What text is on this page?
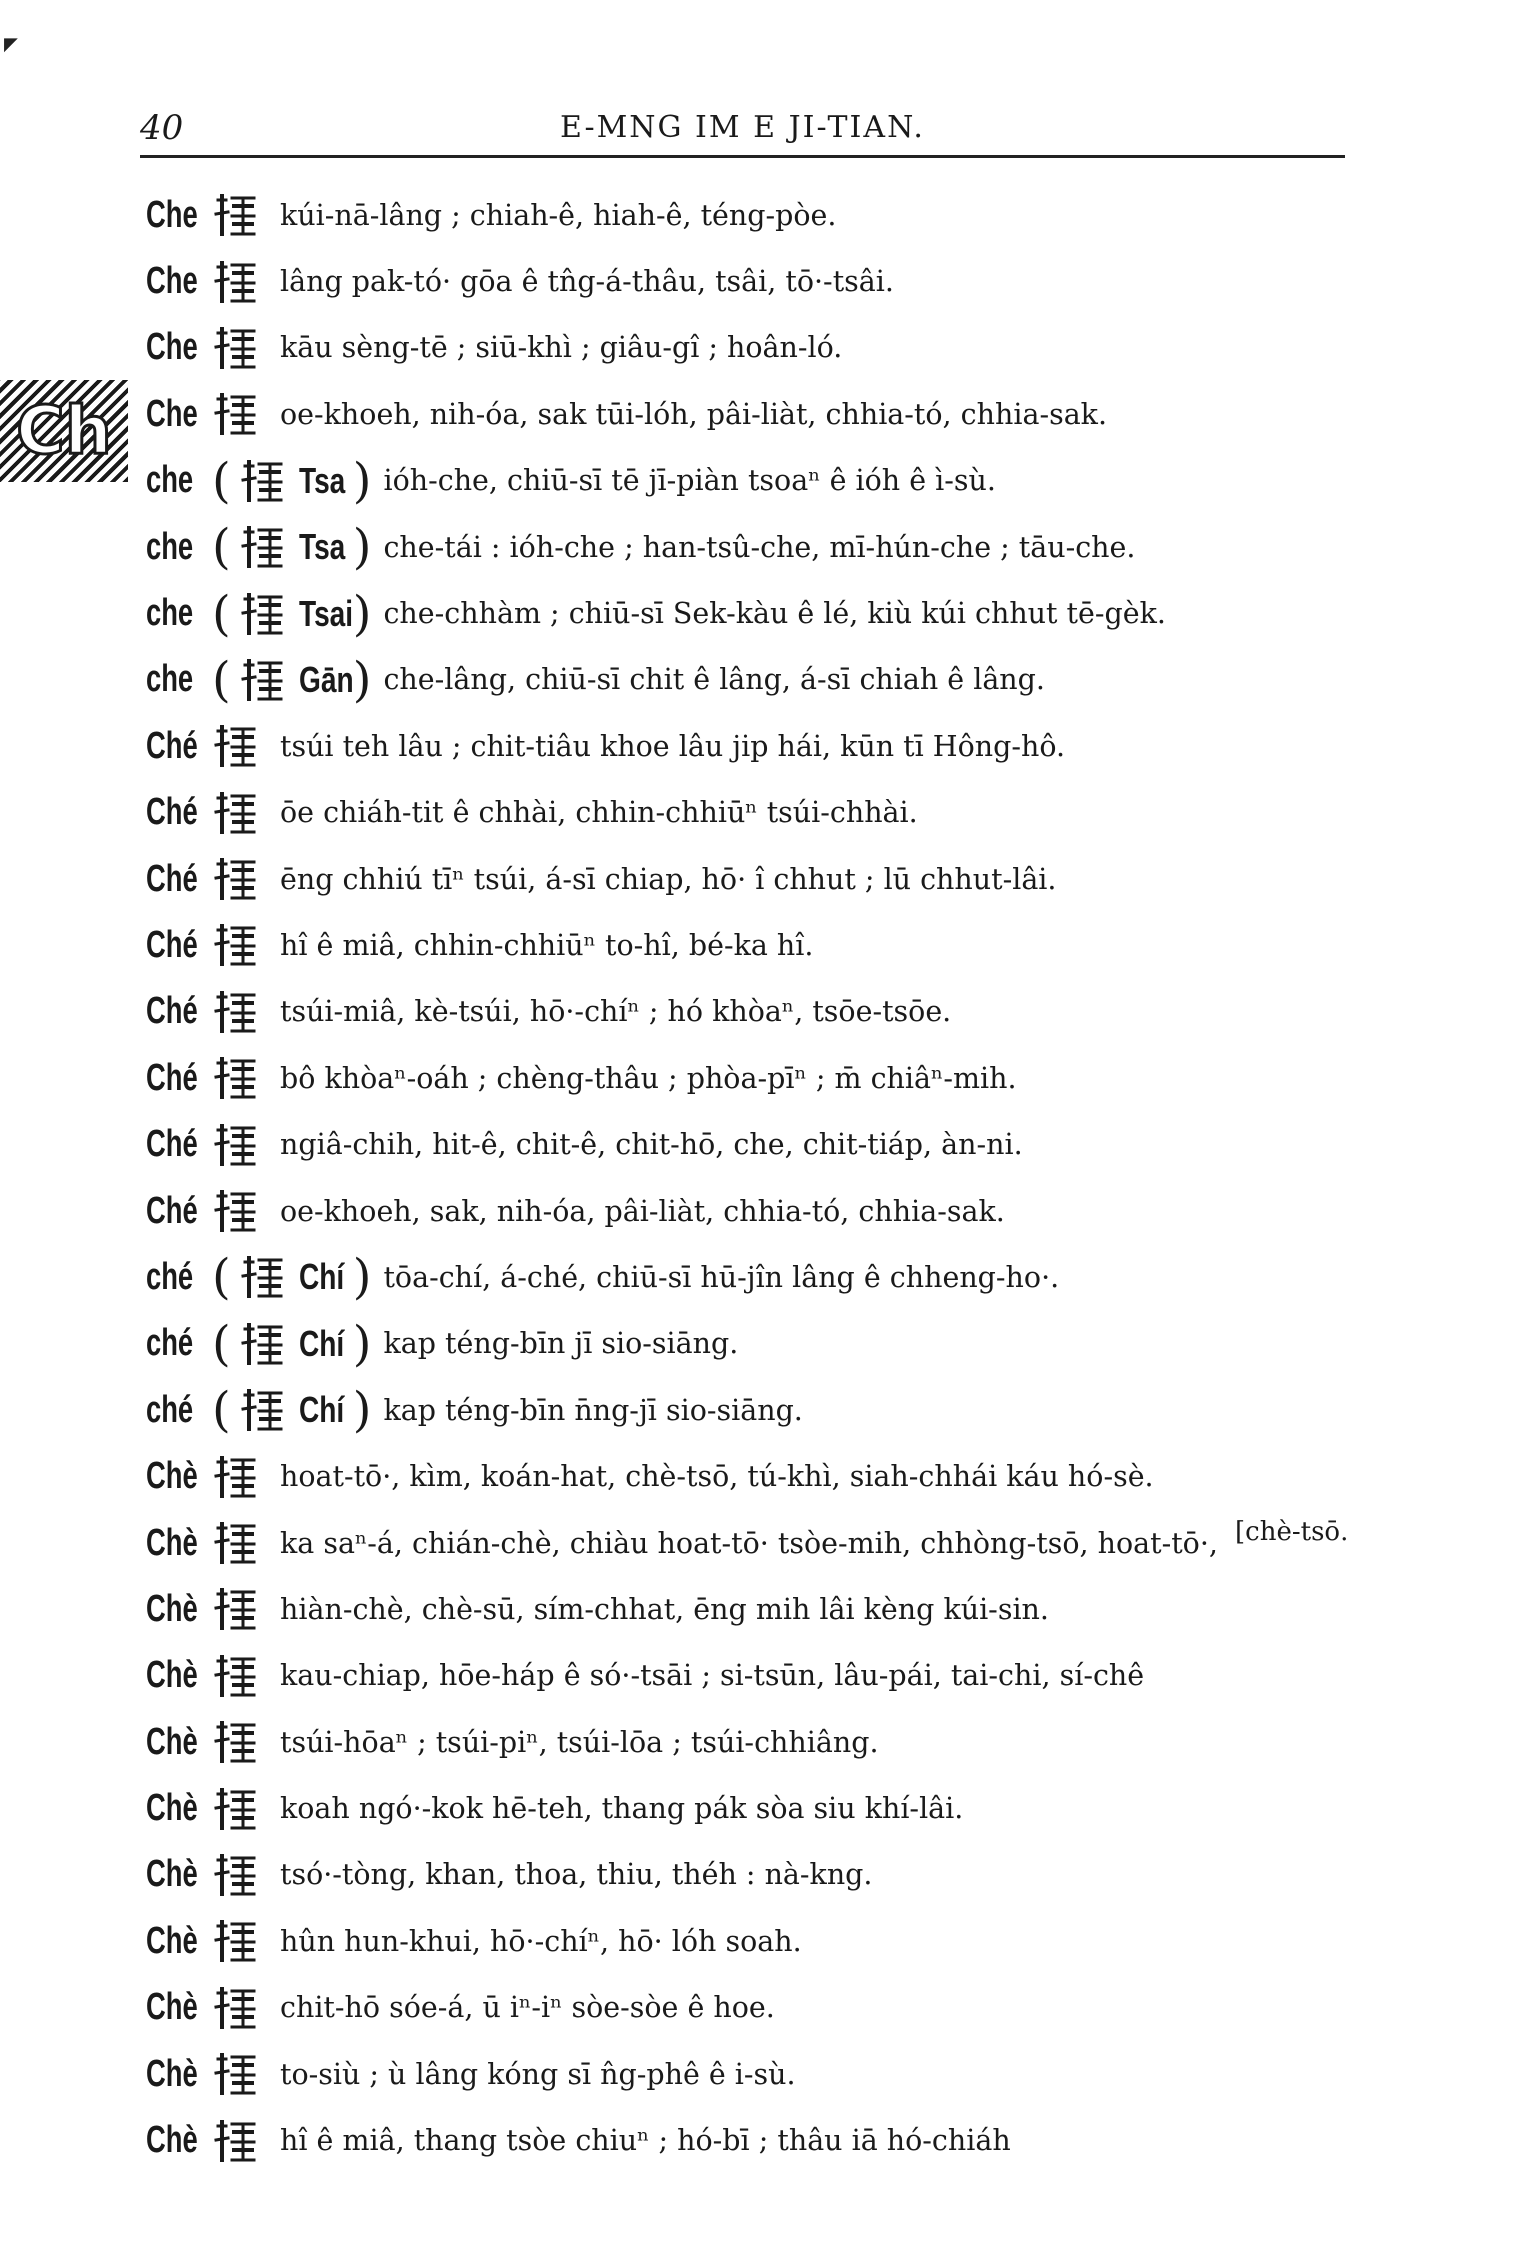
◤
40	E-MNG IM E JI-TIAN.
Ch
Che	kúi-nā-lâng ; chiah-ê, hiah-ê, téng-pòe.
Che	lâng pak-tó· gōa ê tn̂g-á-thâu, tsâi, tō·-tsâi.
Che	kāu sèng-tē ; siū-khì ; giâu-gî ; hoân-ló.
Che	oe-khoeh, nih-óa, sak tūi-lóh, pâi-liàt, chhia-tó, chhia-sak.
che ( Tsa ) ióh-che, chiū-sī tē jī-piàn tsoaⁿ ê ióh ê ì-sù.
che ( Tsa ) che-tái : ióh-che ; han-tsû-che, mī-hún-che ; tāu-che.
che ( Tsai ) che-chhàm ; chiū-sī Sek-kàu ê lé, kiù kúi chhut tē-gèk.
che ( Gān ) che-lâng, chiū-sī chit ê lâng, á-sī chiah ê lâng.
Ché	tsúi teh lâu ; chit-tiâu khoe lâu jip hái, kūn tī Hông-hô.
Ché	ōe chiáh-tit ê chhài, chhin-chhiūⁿ tsúi-chhài.
Ché	ēng chhiú tīⁿ tsúi, á-sī chiap, hō· î chhut ; lū chhut-lâi.
Ché	hî ê miâ, chhin-chhiūⁿ to-hî, bé-ka hî.
Ché	tsúi-miâ, kè-tsúi, hō·-chíⁿ ; hó khòaⁿ, tsōe-tsōe.
Ché	bô khòaⁿ-oáh ; chèng-thâu ; phòa-pīⁿ ; m̄ chiâⁿ-mih.
Ché	ngiâ-chih, hit-ê, chit-ê, chit-hō, che, chit-tiáp, àn-ni.
Ché	oe-khoeh, sak, nih-óa, pâi-liàt, chhia-tó, chhia-sak.
ché ( Chí ) tōa-chí, á-ché, chiū-sī hū-jîn lâng ê chheng-ho·.
ché ( Chí ) kap téng-bīn jī sio-siāng.
ché ( Chí ) kap téng-bīn n̄ng-jī sio-siāng.
Chè	hoat-tō·, kìm, koán-hat, chè-tsō, tú-khì, siah-chhái káu hó-sè.
Chè	ka saⁿ-á, chián-chè, chiàu hoat-tō· tsòe-mih, chhòng-tsō, hoat-tō·,
Chè	hiàn-chè, chè-sū, sím-chhat, ēng mih lâi kèng kúi-sin.
Chè	kau-chiap, hōe-háp ê só·-tsāi ; si-tsūn, lâu-pái, tai-chi, sí-chê
Chè	tsúi-hōaⁿ ; tsúi-piⁿ, tsúi-lōa ; tsúi-chhiâng.
Chè	koah ngó·-kok hē-teh, thang pák sòa siu khí-lâi.
Chè	tsó·-tòng, khan, thoa, thiu, théh : nà-kng.
Chè	hûn hun-khui, hō·-chíⁿ, hō· lóh soah.
Chè	chit-hō sóe-á, ū iⁿ-iⁿ sòe-sòe ê hoe.
Chè	to-siù ; ù lâng kóng sī n̂g-phê ê i-sù.
Chè	hî ê miâ, thang tsòe chiuⁿ ; hó-bī ; thâu iā hó-chiáh
[chè-tsō.
